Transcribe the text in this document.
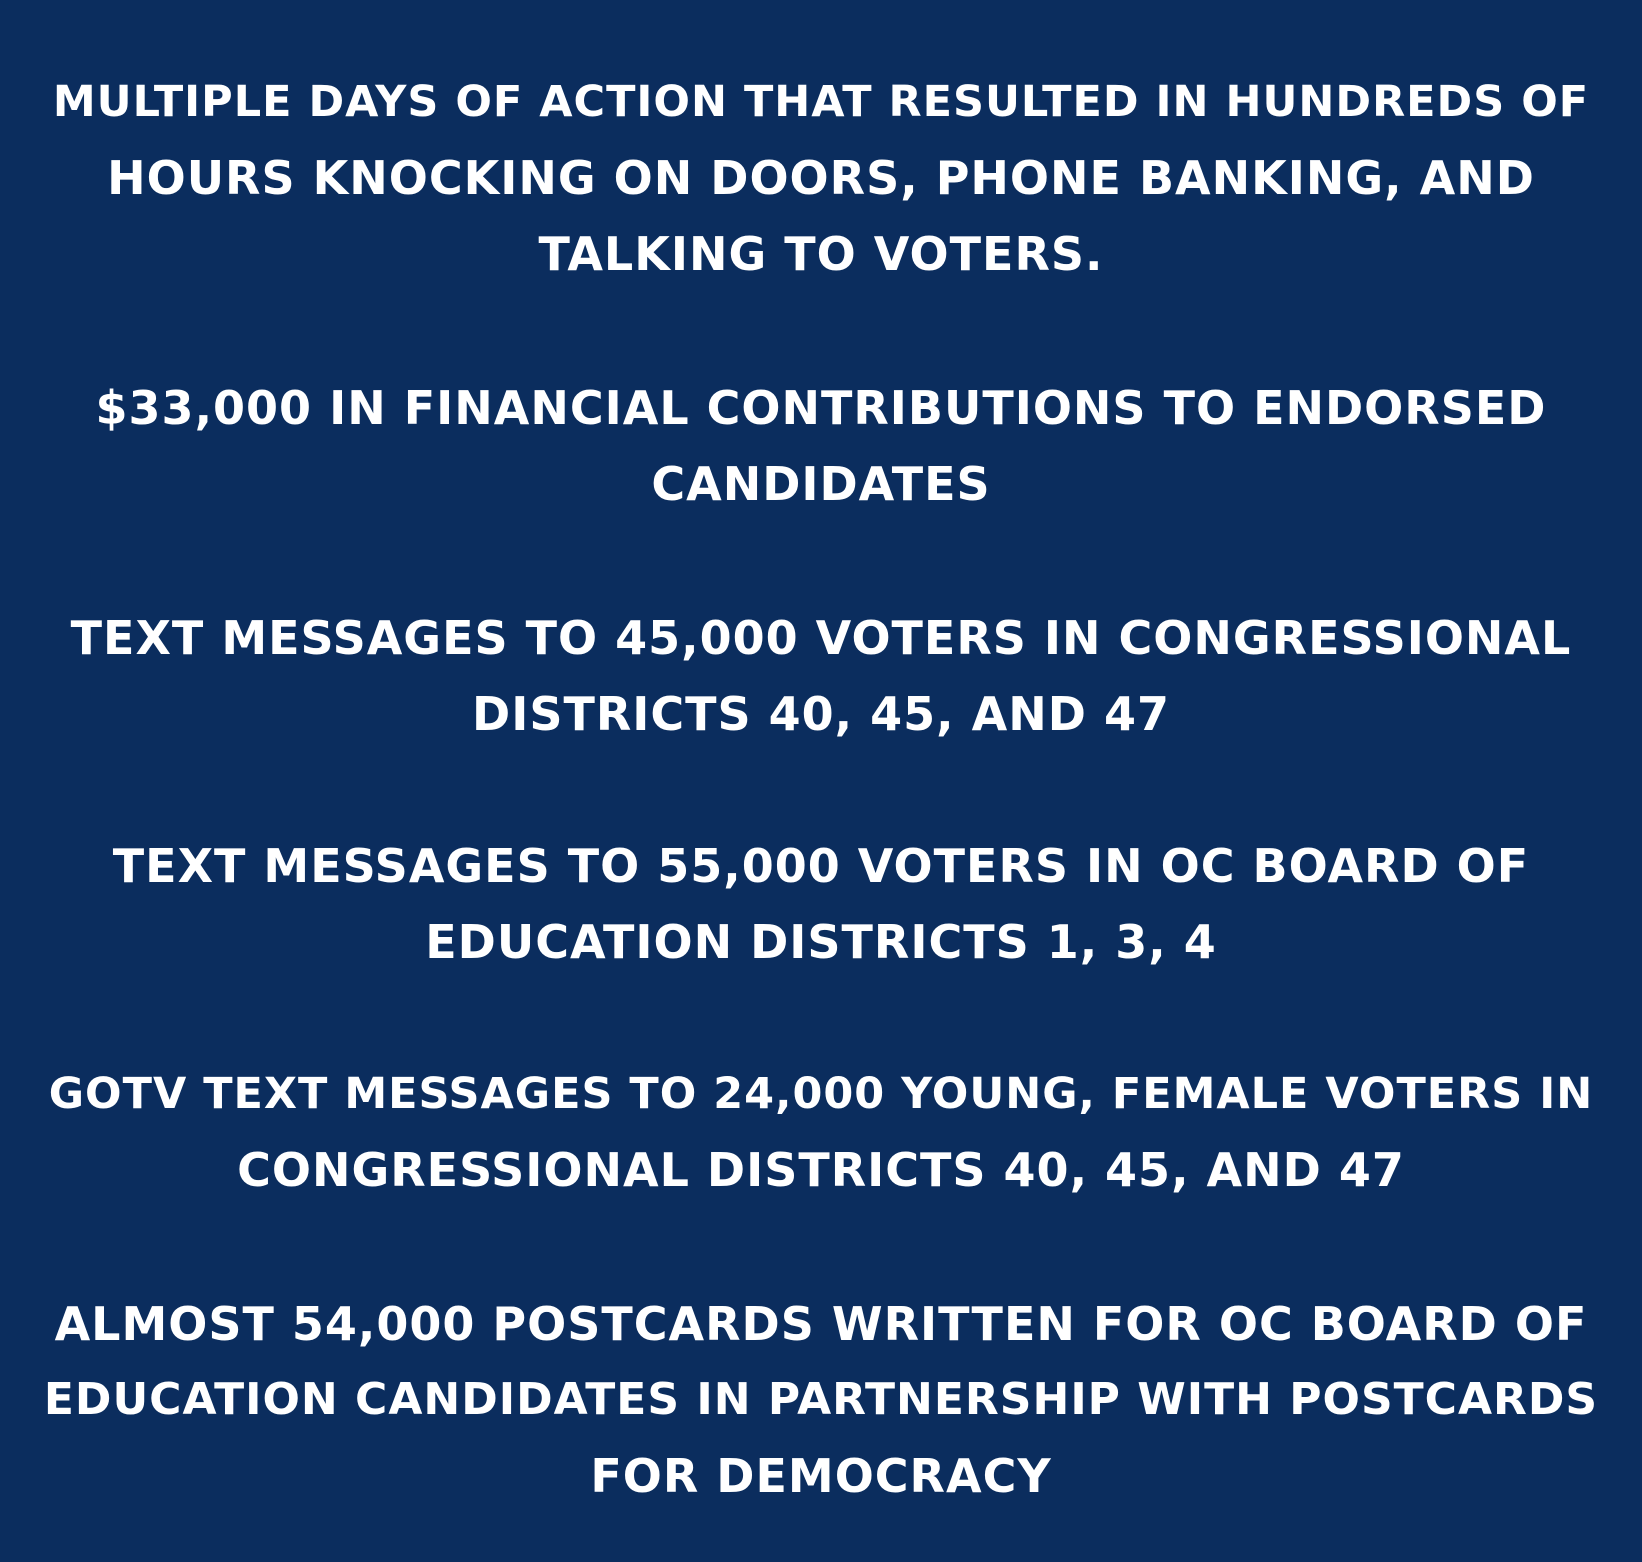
MULTIPLE DAYS OF ACTION THAT RESULTED IN HUNDREDS OF
HOURS KNOCKING ON DOORS, PHONE BANKING, AND
TALKING TO VOTERS.

$33,000 IN FINANCIAL CONTRIBUTIONS TO ENDORSED
CANDIDATES

TEXT MESSAGES TO 45,000 VOTERS IN CONGRESSIONAL
DISTRICTS 40, 45, AND 47

TEXT MESSAGES TO 55,000 VOTERS IN OC BOARD OF
EDUCATION DISTRICTS 1, 3, 4

GOTV TEXT MESSAGES TO 24,000 YOUNG, FEMALE VOTERS IN
CONGRESSIONAL DISTRICTS 40, 45, AND 47

ALMOST 54,000 POSTCARDS WRITTEN FOR OC BOARD OF
EDUCATION CANDIDATES IN PARTNERSHIP WITH POSTCARDS
FOR DEMOCRACY
